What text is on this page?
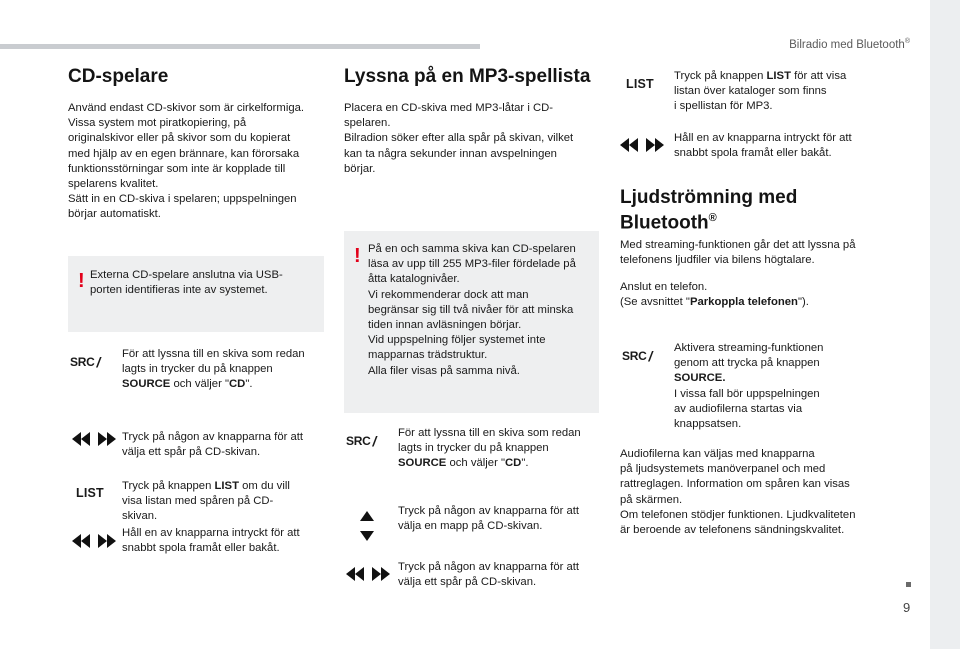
Bilradio med Bluetooth®
9
CD-spelare

Använd endast CD-skivor som är cirkelformiga.
Vissa system mot piratkopiering, på
originalskivor eller på skivor som du kopierat
med hjälp av en egen brännare, kan förorsaka
funktionsstörningar som inte är kopplade till
spelarens kvalitet.
Sätt in en CD-skiva i spelaren; uppspelningen
börjar automatiskt.

! Externa CD-spelare anslutna via USB-
porten identifieras inte av systemet.

SRC / För att lyssna till en skiva som redan
lagts in trycker du på knappen
SOURCE och väljer "CD".

Tryck på någon av knapparna för att
välja ett spår på CD-skivan.

LIST Tryck på knappen LIST om du vill
visa listan med spåren på CD-
skivan.

Håll en av knapparna intryckt för att
snabbt spola framåt eller bakåt.

Lyssna på en MP3-spellista

Placera en CD-skiva med MP3-låtar i CD-
spelaren.
Bilradion söker efter alla spår på skivan, vilket
kan ta några sekunder innan avspelningen
börjar.

! På en och samma skiva kan CD-spelaren
läsa av upp till 255 MP3-filer fördelade på
åtta katalognivåer.
Vi rekommenderar dock att man
begränsar sig till två nivåer för att minska
tiden innan avläsningen börjar.
Vid uppspelning följer systemet inte
mapparnas trädstruktur.
Alla filer visas på samma nivå.

SRC / För att lyssna till en skiva som redan
lagts in trycker du på knappen
SOURCE och väljer "CD".

Tryck på någon av knapparna för att
välja en mapp på CD-skivan.

Tryck på någon av knapparna för att
välja ett spår på CD-skivan.

LIST

Tryck på knappen LIST för att visa
listan över kataloger som finns
i spellistan för MP3.

Håll en av knapparna intryckt för att
snabbt spola framåt eller bakåt.

Ljudströmning med
Bluetooth®

Med streaming-funktionen går det att lyssna på
telefonens ljudfiler via bilens högtalare.

Anslut en telefon.
(Se avsnittet "Parkoppla telefonen").

SRC / Aktivera streaming-funktionen
genom att trycka på knappen
SOURCE.
I vissa fall bör uppspelningen
av audiofilerna startas via
knappsatsen.

Audiofilerna kan väljas med knapparna
på ljudsystemets manöverpanel och med
rattreglagen. Information om spåren kan visas
på skärmen.
Om telefonen stödjer funktionen. Ljudkvaliteten
är beroende av telefonens sändningskvalitet.
